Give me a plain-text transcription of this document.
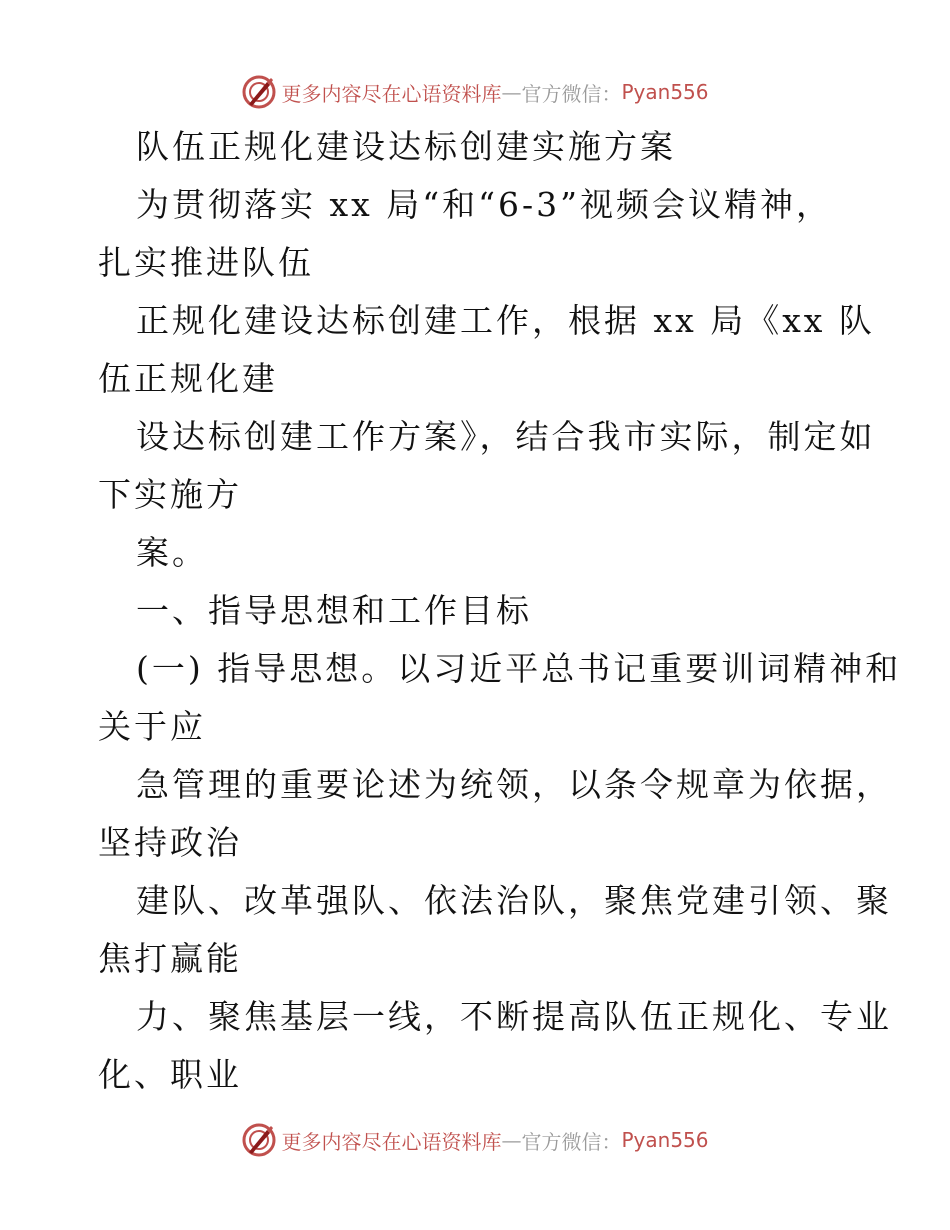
更多内容尽在心语资料库 — 官方微信： Pyan556
队伍正规化建设达标创建实施方案
为贯彻落实 xx 局“和“6-3”视频会议精神，
扎实推进队伍
正规化建设达标创建工作，根据 xx 局《xx 队
伍正规化建
设达标创建工作方案》，结合我市实际，制定如
下实施方
案。
一、指导思想和工作目标
(一) 指导思想。以习近平总书记重要训词精神和
关于应
急管理的重要论述为统领，以条令规章为依据，
坚持政治
建队、改革强队、依法治队，聚焦党建引领、聚
焦打赢能
力、聚焦基层一线，不断提高队伍正规化、专业
化、职业
更多内容尽在心语资料库 — 官方微信： Pyan556
